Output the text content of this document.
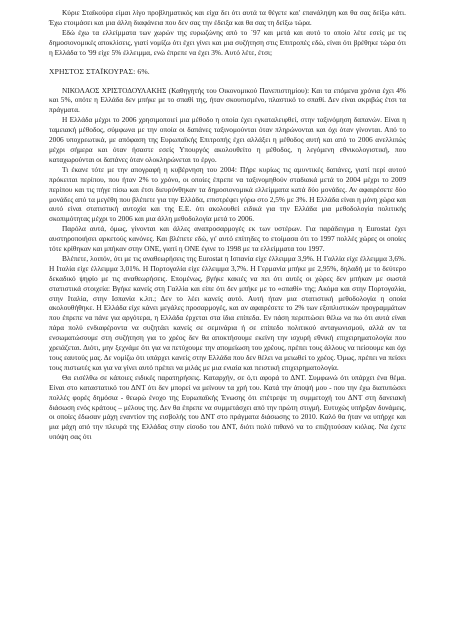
Κύριε Σταϊκούρα είμαι λίγο προβληματικός και είχα δει ότι αυτά τα θέγετε και' επανάληψη και θα σας δείξω κάτι. Έχω ετοιμάσει και μια άλλη διαφάνεια που δεν σας την έδειξα και θα σας τη δείξω τώρα.

Εδώ έχω τα ελλείμματα των χωρών της ευρωζώνης από το `97 και μετά και αυτό το οποίο λέτε εσείς με τις δημοσιονομικές αποκλίσεις, γιατί νομίζω ότι έχει γίνει και μια συζήτηση στις Επιτροπές εδώ, είναι ότι βρέθηκε τώρα ότι η Ελλάδα το '99 είχε 5% έλλειμμα, ενώ έπρεπε να έχει 3%. Αυτό λέτε, έτσι;

ΧΡΗΣΤΟΣ ΣΤΑΪΚΟΥΡΑΣ: 6%.

ΝΙΚΟΛΑΟΣ ΧΡΙΣΤΟΔΟΥΛΑΚΗΣ (Καθηγητής του Οικονομικού Πανεπιστημίου): Και τα επόμενα χρόνια έχει 4% και 5%, οπότε η Ελλάδα δεν μπήκε με το σπαθί της, ήταν σκουπισμένο, πλαστικό το σπαθί. Δεν είναι ακριβώς έτσι τα πράγματα.

Η Ελλάδα μέχρι το 2006 χρησιμοποιεί μια μέθοδο η οποία έχει εγκαταλειφθεί, στην ταξινόμηση δαπανών. Είναι η ταμειακή μέθοδος, σύμφωνα με την οποία οι δαπάνες ταξινομούνται όταν πληρώνονται και όχι όταν γίνονται. Από το 2006 υποχρεωτικά, με απόφαση της Ευρωπαϊκής Επιτροπής έχει αλλάξει η μέθοδος αυτή και από το 2006 ανελλιπώς μέχρι σήμερα και όταν ήσαστε εσείς Υπουργός ακολουθείτο η μέθοδος, η λεγόμενη εθνικολογιστική, που καταχωρούνται οι δαπάνες όταν ολοκληρώνεται το έργο.

Τι έκανε τότε με την απογραφή η κυβέρνηση του 2004: Πήρε κυρίως τις αμυντικές δαπάνες, γιατί περί αυτού πρόκειται περίπου, που ήταν 2% το χρόνο, οι οποίες έπρεπε να ταξινομηθούν σταδιακά μετά το 2004 μέχρι το 2009 περίπου και τις πήγε πίσω και έτσι διευρύνθηκαν τα δημοσιονομικά ελλείμματα κατά δύο μονάδες. Αν αφαιρέσετε δύο μονάδες από τα μεγέθη που βλέπετε για την Ελλάδα, επιστρέφει γύρω στο 2,5% με 3%. Η Ελλάδα είναι η μόνη χώρα και αυτό είναι στατιστική αυτοχία και της Ε.Ε. ότι ακολουθεί ειδικά για την Ελλάδα μια μεθοδολογία πολιτικής σκοπιμότητας μέχρι το 2006 και μια άλλη μεθοδολογία μετά το 2006.

Παρόλα αυτά, όμως, γίνονται και άλλες αναπροσαρμογές εκ των υστέρων. Για παράδειγμα η Eurostat έχει αυστηροποιήσει αρκετούς κανόνες. Και βλέπετε εδώ, γι' αυτό επίτηδες το ετοίμασα ότι το 1997 πολλές χώρες οι οποίες τότε κρίθηκαν και μπήκαν στην ΟΝΕ, γιατί η ΟΝΕ έγινε το 1998 με τα ελλείμματα του 1997.

Βλέπετε, λοιπόν, ότι με τις αναθεωρήσεις της Eurostat η Ισπανία είχε έλλειμμα 3,9%. Η Γαλλία είχε έλλειμμα 3,6%. Η Ιταλία είχε έλλειμμα 3,01%. Η Πορτογαλία είχε έλλειμμα 3,7%. Η Γερμανία μπήκε με 2,95%, δηλαδή με το δεύτερο δεκαδικό ψηφίο με τις αναθεωρήσεις. Επομένως, βγήκε κακιές να πει ότι αυτές οι χώρες δεν μπήκαν με σωστά στατιστικά στοιχεία: Βγήκε κανείς στη Γαλλία και είπε ότι δεν μπήκε με το «σπαθί» της; Ακόμα και στην Πορτογαλία, στην Ιταλία, στην Ισπανία κ.λπ.; Δεν το λέει κανείς αυτό. Αυτή ήταν μια στατιστική μεθοδολογία η οποία ακολουθήθηκε. Η Ελλάδα είχε κάνει μεγάλες προσαρμογές, και αν αφαιρέσετε το 2% των εξοπλιστικών προγραμμάτων που έπρεπε να πάνε για αργότερα, η Ελλάδα έρχεται στα ίδια επίπεδα. Εν πάση περιπτώσει θέλω να πω ότι αυτά είναι πάρα πολύ ενδιαφέροντα να συζητάει κανείς σε σεμινάρια ή σε επίπεδο πολιτικού ανταγωνισμού, αλλά αν τα ενσωματώσουμε στη συζήτηση για το χρέος δεν θα αποκτήσουμε εκείνη την ισχυρή εθνική επιχειρηματολογία που χρειάζεται. Διότι, μην ξεχνάμε ότι για να πετύχουμε την απομείωση του χρέους, πρέπει τους άλλους να πείσουμε και όχι τους εαυτούς μας. Δε νομίζω ότι υπάρχει κανείς στην Ελλάδα που δεν θέλει να μειωθεί το χρέος. Όμως, πρέπει να πείσει τους πιστωτές και για να γίνει αυτό πρέπει να μιλάς με μια ενιαία και πειστική επιχειρηματολογία.

Θα εισέλθω σε κάποιες ειδικές παρατηρήσεις. Καταρχήν, σε ό,τι αφορά το ΔΝΤ. Συμφωνώ ότι υπάρχει ένα θέμα. Είναι στο καταστατικό του ΔΝΤ ότι δεν μπορεί να μείνουν τα χρή του. Κατά την άποψή μου - που την έχω διατυπώσει πολλές φορές δημόσια - θεωρώ ένοχο της Ευρωπαϊκής Ένωσης ότι επέτρεψε τη συμμετοχή του ΔΝΤ στη δανειακή διάσωση ενός κράτους – μέλους της. Δεν θα έπρεπε να συμμετάσχει από την πρώτη στιγμή. Ευτυχώς υπήρξαν δυνάμεις, οι οποίες έδωσαν μάχη εναντίον της εισβολής του ΔΝΤ στο πράγματα διάσωσης το 2010. Καλό θα ήταν να υπήρχε και μια μάχη από την πλευρά της Ελλάδας στην είσοδο του ΔΝΤ, διότι πολύ πιθανό να το επιζητούσαν κιόλας. Να έχετε υπόψη σας ότι
